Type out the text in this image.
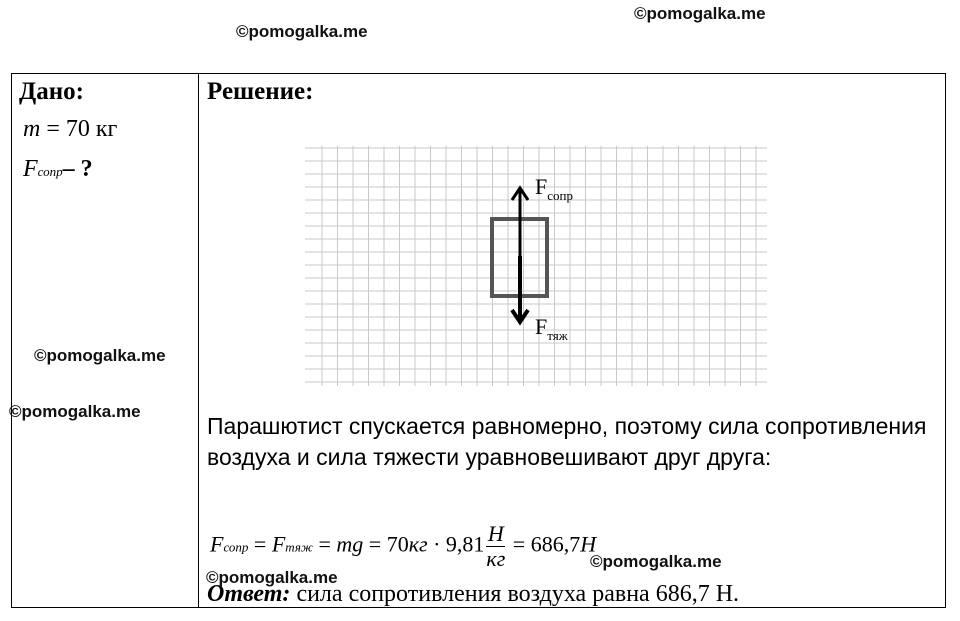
©pomogalka.me
©pomogalka.me
Дано:
m = 70 кг
Fсопр– ?
Решение:
$F_{сопр}$
$F_{тяж}$
Парашютист спускается равномерно, поэтому сила сопротивления воздуха и сила тяжести уравновешивают друг друга:
Fсопр = Fтяж = mg = $70кг \cdot 9,81 \frac{Н}{кг} = 686,7Н$
Ответ: сила сопротивления воздуха равна 686,7 Н.
©pomogalka.me
©pomogalka.me
©pomogalka.me
©pomogalka.me
